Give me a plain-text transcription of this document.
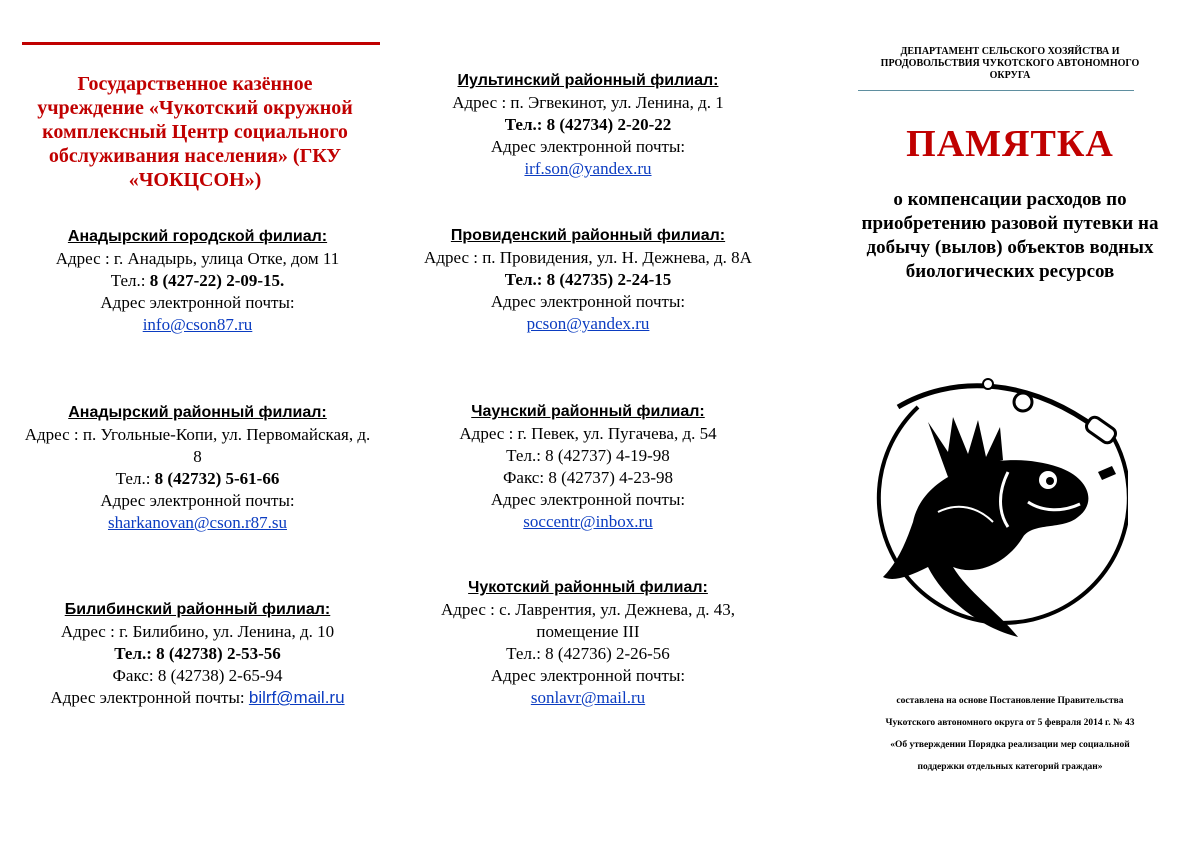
Государственное казённое учреждение «Чукотский окружной комплексный Центр социального обслуживания населения» (ГКУ «ЧОКЦСОН»)
Анадырский городской филиал:
Адрес : г. Анадырь, улица Отке, дом 11
Тел.: 8 (427-22) 2-09-15.
Адрес электронной почты:
info@cson87.ru
Анадырский районный филиал:
Адрес : п. Угольные-Копи, ул. Первомайская, д. 8
Тел.: 8 (42732) 5-61-66
Адрес электронной почты:
sharkanovan@cson.r87.su
Билибинский районный филиал:
Адрес : г. Билибино, ул. Ленина, д. 10
Тел.: 8 (42738) 2-53-56
Факс: 8 (42738) 2-65-94
Адрес электронной почты: bilrf@mail.ru
Иультинский районный филиал:
Адрес : п. Эгвекинот, ул. Ленина, д. 1
Тел.: 8 (42734) 2-20-22
Адрес электронной почты:
irf.son@yandex.ru
Провиденский районный филиал:
Адрес : п. Провидения, ул. Н. Дежнева, д. 8А
Тел.: 8 (42735) 2-24-15
Адрес электронной почты:
pcson@yandex.ru
Чаунский районный филиал:
Адрес : г. Певек, ул. Пугачева, д. 54
Тел.: 8 (42737) 4-19-98
Факс: 8 (42737) 4-23-98
Адрес электронной почты:
soccentr@inbox.ru
Чукотский районный филиал:
Адрес : с. Лаврентия, ул. Дежнева, д. 43, помещение III
Тел.: 8 (42736) 2-26-56
Адрес электронной почты:
sonlavr@mail.ru
ДЕПАРТАМЕНТ СЕЛЬСКОГО ХОЗЯЙСТВА И ПРОДОВОЛЬСТВИЯ ЧУКОТСКОГО АВТОНОМНОГО ОКРУГА
ПАМЯТКА
о компенсации расходов по приобретению разовой путевки на добычу (вылов) объектов водных биологических ресурсов
составлена на основе Постановление Правительства
Чукотского автономного округа от 5 февраля 2014 г. № 43
«Об утверждении Порядка реализации мер социальной
поддержки отдельных категорий граждан»
